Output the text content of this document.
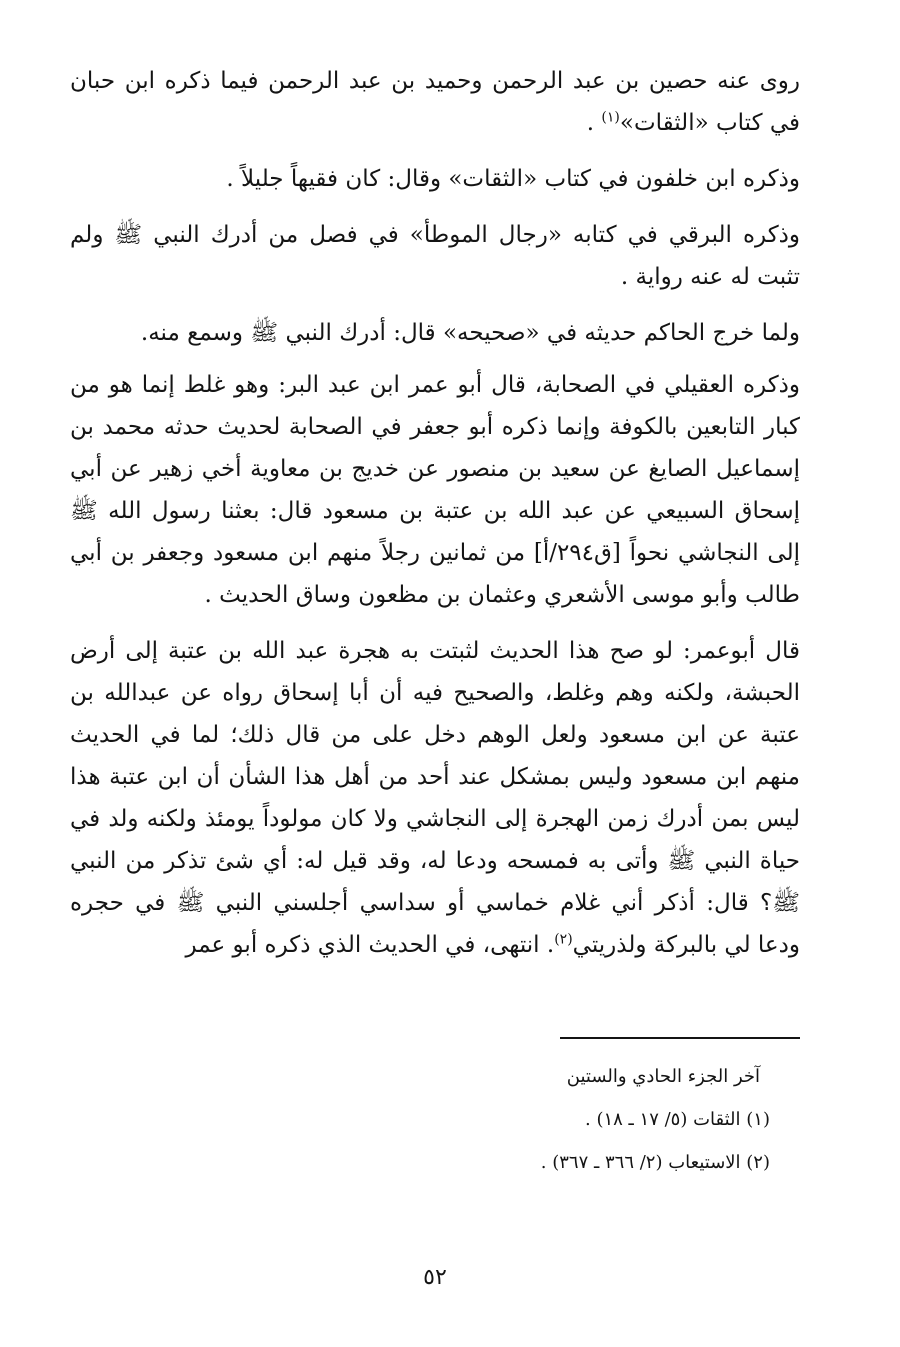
روى عنه حصين بن عبد الرحمن وحميد بن عبد الرحمن فيما ذكره ابن حبان في كتاب «الثقات»$^{(١)}$ .

وذكره ابن خلفون في كتاب «الثقات» وقال: كان فقيهاً جليلاً .

وذكره البرقي في كتابه «رجال الموطأ» في فصل من أدرك النبي ﷺ ولم تثبت له عنه رواية .

ولما خرج الحاكم حديثه في «صحيحه» قال: أدرك النبي ﷺ وسمع منه.

وذكره العقيلي في الصحابة، قال أبو عمر ابن عبد البر: وهو غلط إنما هو من كبار التابعين بالكوفة وإنما ذكره أبو جعفر في الصحابة لحديث حدثه محمد بن إسماعيل الصايغ عن سعيد بن منصور عن خديج بن معاوية أخي زهير عن أبي إسحاق السبيعي عن عبد الله بن عتبة بن مسعود قال: بعثنا رسول الله ﷺ إلى النجاشي نحواً [ق٢٩٤/أ] من ثمانين رجلاً منهم ابن مسعود وجعفر بن أبي طالب وأبو موسى الأشعري وعثمان بن مظعون وساق الحديث .

قال أبوعمر: لو صح هذا الحديث لثبتت به هجرة عبد الله بن عتبة إلى أرض الحبشة، ولكنه وهم وغلط، والصحيح فيه أن أبا إسحاق رواه عن عبدالله بن عتبة عن ابن مسعود ولعل الوهم دخل على من قال ذلك؛ لما في الحديث منهم ابن مسعود وليس بمشكل عند أحد من أهل هذا الشأن أن ابن عتبة هذا ليس بمن أدرك زمن الهجرة إلى النجاشي ولا كان مولوداً يومئذ ولكنه ولد في حياة النبي ﷺ وأتى به فمسحه ودعا له، وقد قيل له: أي شئ تذكر من النبي ﷺ؟ قال: أذكر أني غلام خماسي أو سداسي أجلسني النبي ﷺ في حجره ودعا لي بالبركة ولذريتي$^{(٢)}$. انتهى، في الحديث الذي ذكره أبو عمر

آخر الجزء الحادي والستين
(١) الثقات (٥/ ١٧ ـ ١٨) .
(٢) الاستيعاب (٢/ ٣٦٦ ـ ٣٦٧) .
٥٢
